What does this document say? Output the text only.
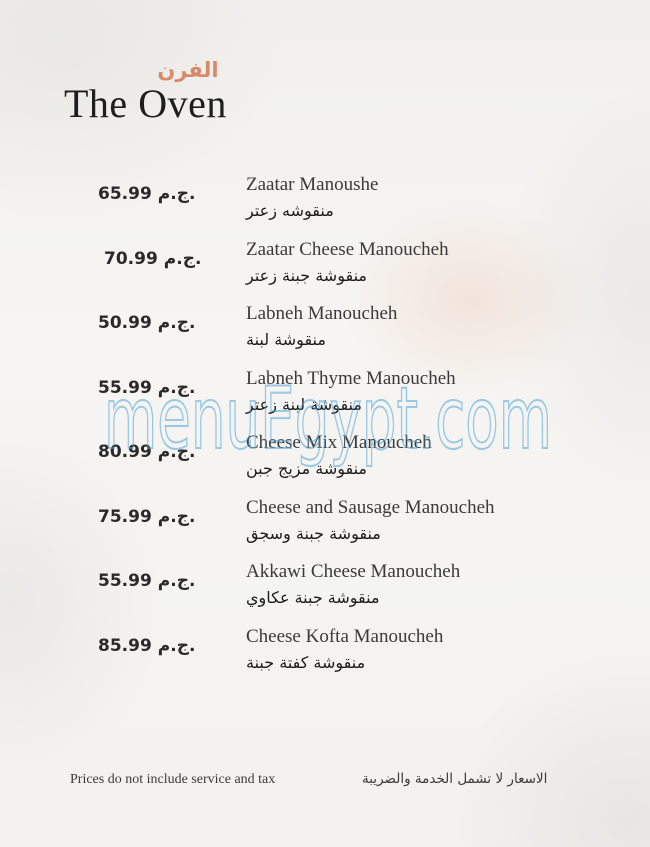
الفرن
The Oven
65.99 ج.م.	Zaatar Manoushe
منقوشه زعتر
70.99 ج.م. Zaatar Cheese Manoucheh
منقوشة جبنة زعتر
50.99 ج.م.	Labneh Manoucheh
منقوشة لبنة
55.99 ج.م.	Labneh Thyme Manoucheh
منقوشة لبنة زعتر
80.99 ج.م.	Cheese Mix Manoucheh
منقوشة مزيج جبن
75.99 ج.م.	Cheese and Sausage Manoucheh
منقوشة جبنة وسجق
55.99 ج.م.	Akkawi Cheese Manoucheh
منقوشة جبنة عكاوي
85.99 ج.م.	Cheese Kofta Manoucheh
منقوشة كفتة جبنة
menuEgypt.com
Prices do not include service and tax	الاسعار لا تشمل الخدمة والضريبة
